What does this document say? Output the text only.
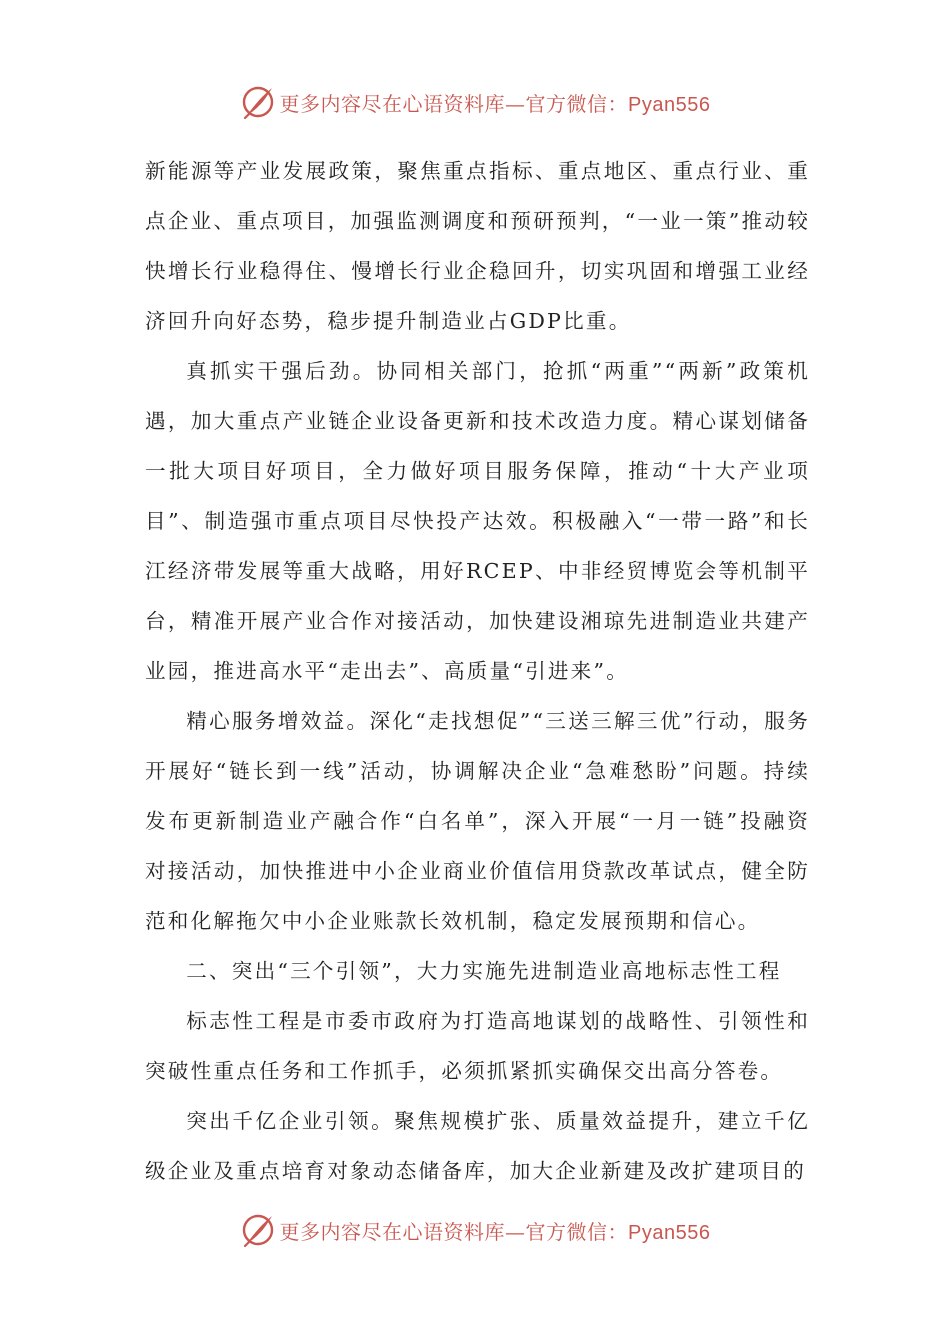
更多内容尽在心语资料库—官方微信：Pyan556

新能源等产业发展政策，聚焦重点指标、重点地区、重点行业、重点企业、重点项目，加强监测调度和预研预判，“一业一策”推动较快增长行业稳得住、慢增长行业企稳回升，切实巩固和增强工业经济回升向好态势，稳步提升制造业占GDP比重。

真抓实干强后劲。协同相关部门，抢抓“两重”“两新”政策机遇，加大重点产业链企业设备更新和技术改造力度。精心谋划储备一批大项目好项目，全力做好项目服务保障，推动“十大产业项目”、制造强市重点项目尽快投产达效。积极融入“一带一路”和长江经济带发展等重大战略，用好RCEP、中非经贸博览会等机制平台，精准开展产业合作对接活动，加快建设湘琼先进制造业共建产业园，推进高水平“走出去”、高质量“引进来”。

精心服务增效益。深化“走找想促”“三送三解三优”行动，服务开展好“链长到一线”活动，协调解决企业“急难愁盼”问题。持续发布更新制造业产融合作“白名单”，深入开展“一月一链”投融资对接活动，加快推进中小企业商业价值信用贷款改革试点，健全防范和化解拖欠中小企业账款长效机制，稳定发展预期和信心。

二、突出“三个引领”，大力实施先进制造业高地标志性工程

标志性工程是市委市政府为打造高地谋划的战略性、引领性和突破性重点任务和工作抓手，必须抓紧抓实确保交出高分答卷。

突出千亿企业引领。聚焦规模扩张、质量效益提升，建立千亿级企业及重点培育对象动态储备库，加大企业新建及改扩建项目的

更多内容尽在心语资料库—官方微信：Pyan556
